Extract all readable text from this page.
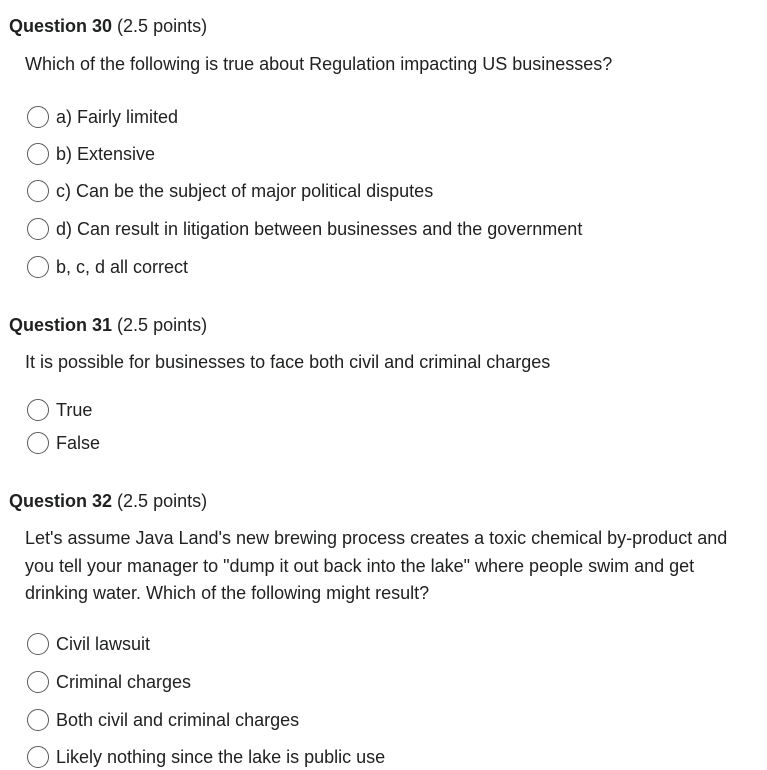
Question 30 (2.5 points)
Which of the following is true about Regulation impacting US businesses?
a) Fairly limited
b) Extensive
c) Can be the subject of major political disputes
d) Can result in litigation between businesses and the government
b, c, d all correct
Question 31 (2.5 points)
It is possible for businesses to face both civil and criminal charges
True
False
Question 32 (2.5 points)
Let's assume Java Land's new brewing process creates a toxic chemical by-product and you tell your manager to "dump it out back into the lake" where people swim and get drinking water. Which of the following might result?
Civil lawsuit
Criminal charges
Both civil and criminal charges
Likely nothing since the lake is public use
